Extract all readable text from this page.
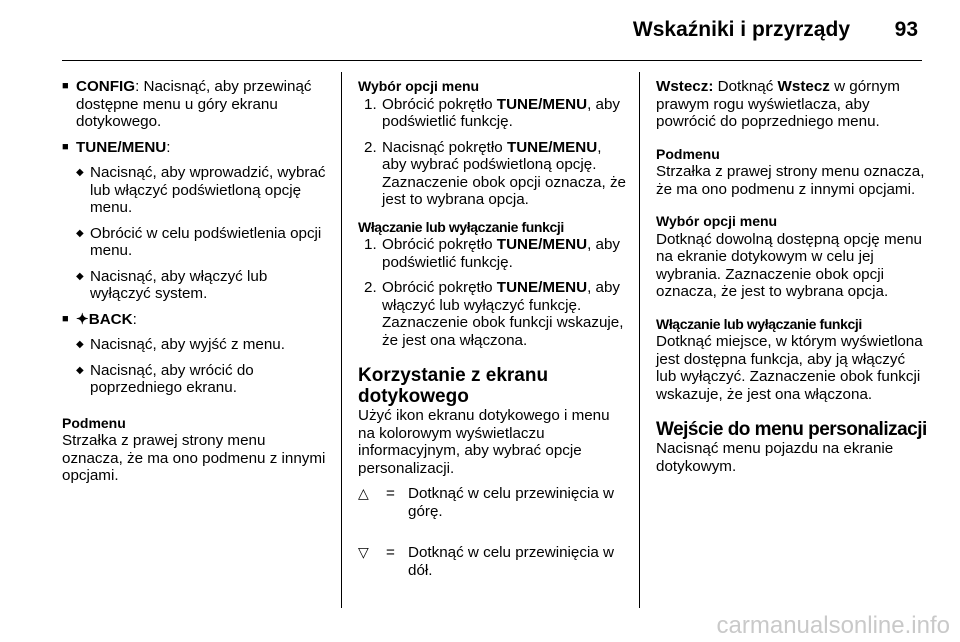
Wskaźniki i przyrządy 93
■ CONFIG: Nacisnąć, aby przewinąć dostępne menu u góry ekranu dotykowego.
■ TUNE/MENU:
◆ Nacisnąć, aby wprowadzić, wybrać lub włączyć podświetloną opcję menu.
◆ Obrócić w celu podświetlenia opcji menu.
◆ Nacisnąć, aby włączyć lub wyłączyć system.
■ ✦BACK:
◆ Nacisnąć, aby wyjść z menu.
◆ Nacisnąć, aby wrócić do poprzedniego ekranu.

Podmenu

Strzałka z prawej strony menu oznacza, że ma ono podmenu z innymi opcjami.

Wybór opcji menu

1. Obrócić pokrętło TUNE/MENU, aby podświetlić funkcję.
2. Nacisnąć pokrętło TUNE/MENU, aby wybrać podświetloną opcję. Zaznaczenie obok opcji oznacza, że jest to wybrana opcja.

Włączanie lub wyłączanie funkcji

1. Obrócić pokrętło TUNE/MENU, aby podświetlić funkcję.
2. Obrócić pokrętło TUNE/MENU, aby włączyć lub wyłączyć funkcję. Zaznaczenie obok funkcji wskazuje, że jest ona włączona.

Korzystanie z ekranu dotykowego

Użyć ikon ekranu dotykowego i menu na kolorowym wyświetlaczu informacyjnym, aby wybrać opcje personalizacji.

△ = Dotknąć w celu przewinięcia w górę.
▽ = Dotknąć w celu przewinięcia w dół.

Wstecz: Dotknąć Wstecz w górnym prawym rogu wyświetlacza, aby powrócić do poprzedniego menu.

Podmenu

Strzałka z prawej strony menu oznacza, że ma ono podmenu z innymi opcjami.

Wybór opcji menu

Dotknąć dowolną dostępną opcję menu na ekranie dotykowym w celu jej wybrania. Zaznaczenie obok opcji oznacza, że jest to wybrana opcja.

Włączanie lub wyłączanie funkcji

Dotknąć miejsce, w którym wyświetlona jest dostępna funkcja, aby ją włączyć lub wyłączyć. Zaznaczenie obok funkcji wskazuje, że jest ona włączona.

Wejście do menu personalizacji

Nacisnąć menu pojazdu na ekranie dotykowym.

carmanualsonline.info
